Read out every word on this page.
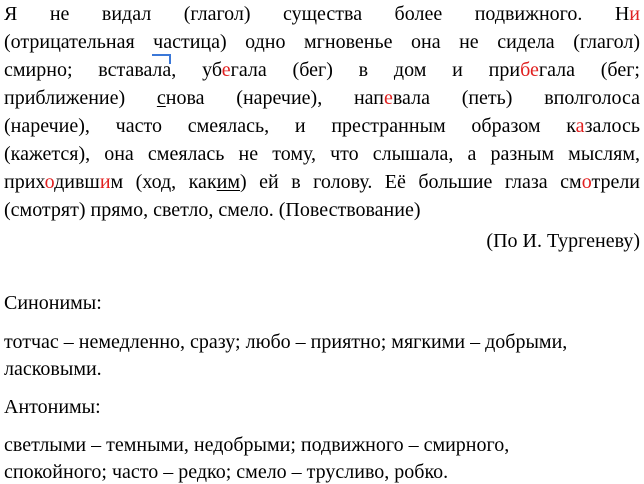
Я не видал (глагол) существа более подвижного. Ни
(отрицательная частица) одно мгновенье она не сидела (глагол)
смирно; вставала, убегала (бег) в дом и прибегала (бег;
приближение) снова (наречие), напевала (петь) вполголоса
(наречие), часто смеялась, и престранным образом казалось
(кажется), она смеялась не тому, что слышала, а разным мыслям,
приходившим (ход, каким) ей в голову. Её большие глаза смотрели
(смотрят) прямо, светло, смело. (Повествование)
(По И. Тургеневу)
Синонимы:
тотчас – немедленно, сразу; любо – приятно; мягкими – добрыми,
ласковыми.
Антонимы:
светлыми – темными, недобрыми; подвижного – смирного,
спокойного; часто – редко; смело – трусливо, робко.
